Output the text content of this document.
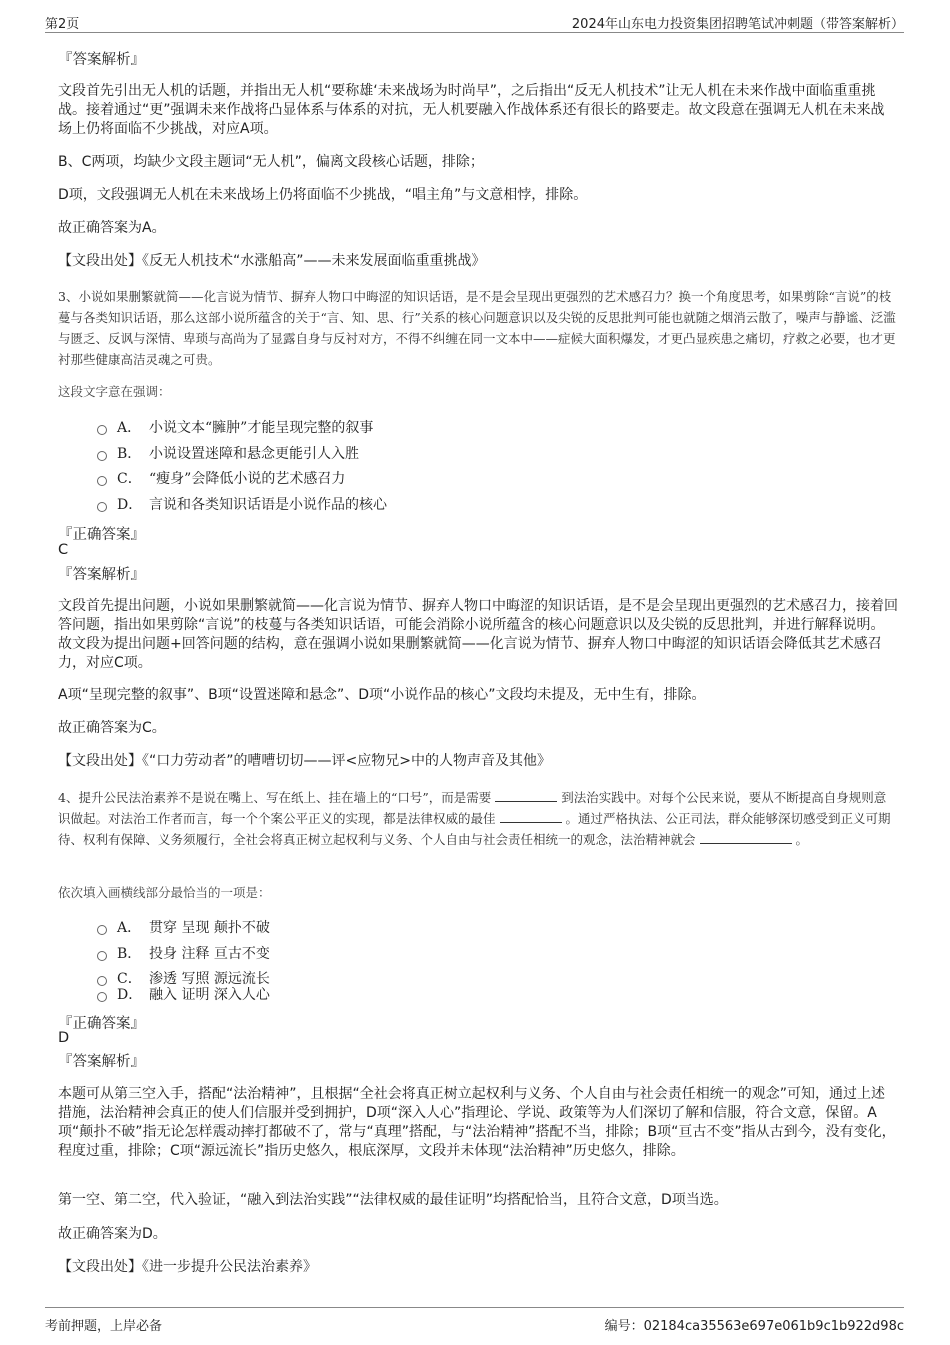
第2页	2024年山东电力投资集团招聘笔试冲刺题（带答案解析）
『答案解析』
文段首先引出无人机的话题，并指出无人机“要称雄‘未来战场为时尚早”，之后指出“反无人机技术”让无人机在未来作战中面临重重挑战。接着通过“更”强调未来作战将凸显体系与体系的对抗，无人机要融入作战体系还有很长的路要走。故文段意在强调无人机在未来战场上仍将面临不少挑战，对应A项。
B、C两项，均缺少文段主题词“无人机”，偏离文段核心话题，排除；
D项，文段强调无人机在未来战场上仍将面临不少挑战，“唱主角”与文意相悖，排除。
故正确答案为A。
【文段出处】《反无人机技术“水涨船高”——未来发展面临重重挑战》
3、小说如果删繁就简——化言说为情节、摒弃人物口中晦涩的知识话语，是不是会呈现出更强烈的艺术感召力？换一个角度思考，如果剪除“言说”的枝蔓与各类知识话语，那么这部小说所蕴含的关于“言、知、思、行”关系的核心问题意识以及尖锐的反思批判可能也就随之烟消云散了，噪声与静谧、泛滥与匮乏、反讽与深情、卑琐与高尚为了显露自身与反衬对方，不得不纠缠在同一文本中——症候大面积爆发，才更凸显疾患之痛切，疗救之必要，也才更衬那些健康高洁灵魂之可贵。
这段文字意在强调：
A． 小说文本“臃肿”才能呈现完整的叙事
B． 小说设置迷障和悬念更能引人入胜
C． “瘦身”会降低小说的艺术感召力
D． 言说和各类知识话语是小说作品的核心
『正确答案』
C
『答案解析』
文段首先提出问题，小说如果删繁就简——化言说为情节、摒弃人物口中晦涩的知识话语，是不是会呈现出更强烈的艺术感召力，接着回答问题，指出如果剪除“言说”的枝蔓与各类知识话语，可能会消除小说所蕴含的核心问题意识以及尖锐的反思批判，并进行解释说明。故文段为提出问题+回答问题的结构，意在强调小说如果删繁就简——化言说为情节、摒弃人物口中晦涩的知识话语会降低其艺术感召力，对应C项。
A项“呈现完整的叙事”、B项“设置迷障和悬念”、D项“小说作品的核心”文段均未提及，无中生有，排除。
故正确答案为C。
【文段出处】《“口力劳动者”的嘈嘈切切——评<应物兄>中的人物声音及其他》
4、提升公民法治素养不是说在嘴上、写在纸上、挂在墙上的“口号”，而是需要	到法治实践中。对每个公民来说，要从不断提高自身规则意识做起。对法治工作者而言，每一个个案公平正义的实现，都是法律权威的最佳	。通过严格执法、公正司法，群众能够深切感受到正义可期待、权利有保障、义务须履行，全社会将真正树立起权利与义务、个人自由与社会责任相统一的观念，法治精神就会	。
依次填入画横线部分最恰当的一项是：
A． 贯穿 呈现 颠扑不破
B． 投身 注释 亘古不变
C． 渗透 写照 源远流长
D． 融入 证明 深入人心
『正确答案』
D
『答案解析』
本题可从第三空入手，搭配“法治精神”，且根据“全社会将真正树立起权利与义务、个人自由与社会责任相统一的观念”可知，通过上述措施，法治精神会真正的使人们信服并受到拥护，D项“深入人心”指理论、学说、政策等为人们深切了解和信服，符合文意，保留。A项“颠扑不破”指无论怎样震动摔打都破不了，常与“真理”搭配，与“法治精神”搭配不当，排除；B项“亘古不变”指从古到今，没有变化，程度过重，排除；C项“源远流长”指历史悠久，根底深厚，文段并未体现“法治精神”历史悠久，排除。
第一空、第二空，代入验证，“融入到法治实践”“法律权威的最佳证明”均搭配恰当，且符合文意，D项当选。
故正确答案为D。
【文段出处】《进一步提升公民法治素养》
考前押题，上岸必备	编号：02184ca35563e697e061b9c1b922d98c
